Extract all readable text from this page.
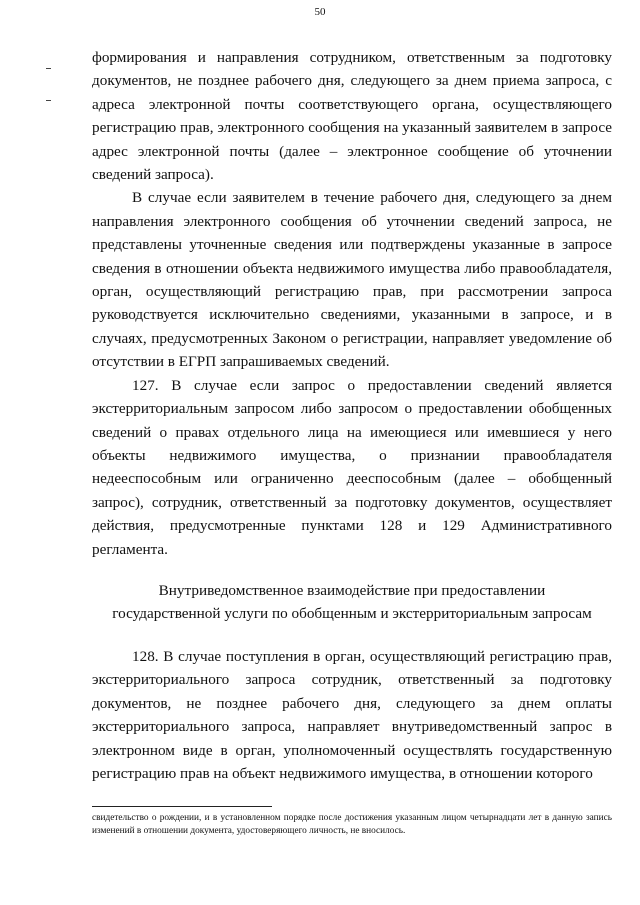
50

формирования и направления сотрудником, ответственным за подготовку документов, не позднее рабочего дня, следующего за днем приема запроса, с адреса электронной почты соответствующего органа, осуществляющего регистрацию прав, электронного сообщения на указанный заявителем в запросе адрес электронной почты (далее – электронное сообщение об уточнении сведений запроса).

В случае если заявителем в течение рабочего дня, следующего за днем направления электронного сообщения об уточнении сведений запроса, не представлены уточненные сведения или подтверждены указанные в запросе сведения в отношении объекта недвижимого имущества либо правообладателя, орган, осуществляющий регистрацию прав, при рассмотрении запроса руководствуется исключительно сведениями, указанными в запросе, и в случаях, предусмотренных Законом о регистрации, направляет уведомление об отсутствии в ЕГРП запрашиваемых сведений.

127. В случае если запрос о предоставлении сведений является экстерриториальным запросом либо запросом о предоставлении обобщенных сведений о правах отдельного лица на имеющиеся или имевшиеся у него объекты недвижимого имущества, о признании правообладателя недееспособным или ограниченно дееспособным (далее – обобщенный запрос), сотрудник, ответственный за подготовку документов, осуществляет действия, предусмотренные пунктами 128 и 129 Административного регламента.

Внутриведомственное взаимодействие при предоставлении
государственной услуги по обобщенным и экстерриториальным запросам

128. В случае поступления в орган, осуществляющий регистрацию прав, экстерриториального запроса сотрудник, ответственный за подготовку документов, не позднее рабочего дня, следующего за днем оплаты экстерриториального запроса, направляет внутриведомственный запрос в электронном виде в орган, уполномоченный осуществлять государственную регистрацию прав на объект недвижимого имущества, в отношении которого

свидетельство о рождении, и в установленном порядке после достижения указанным лицом четырнадцати лет в данную запись изменений в отношении документа, удостоверяющего личность, не вносилось.
